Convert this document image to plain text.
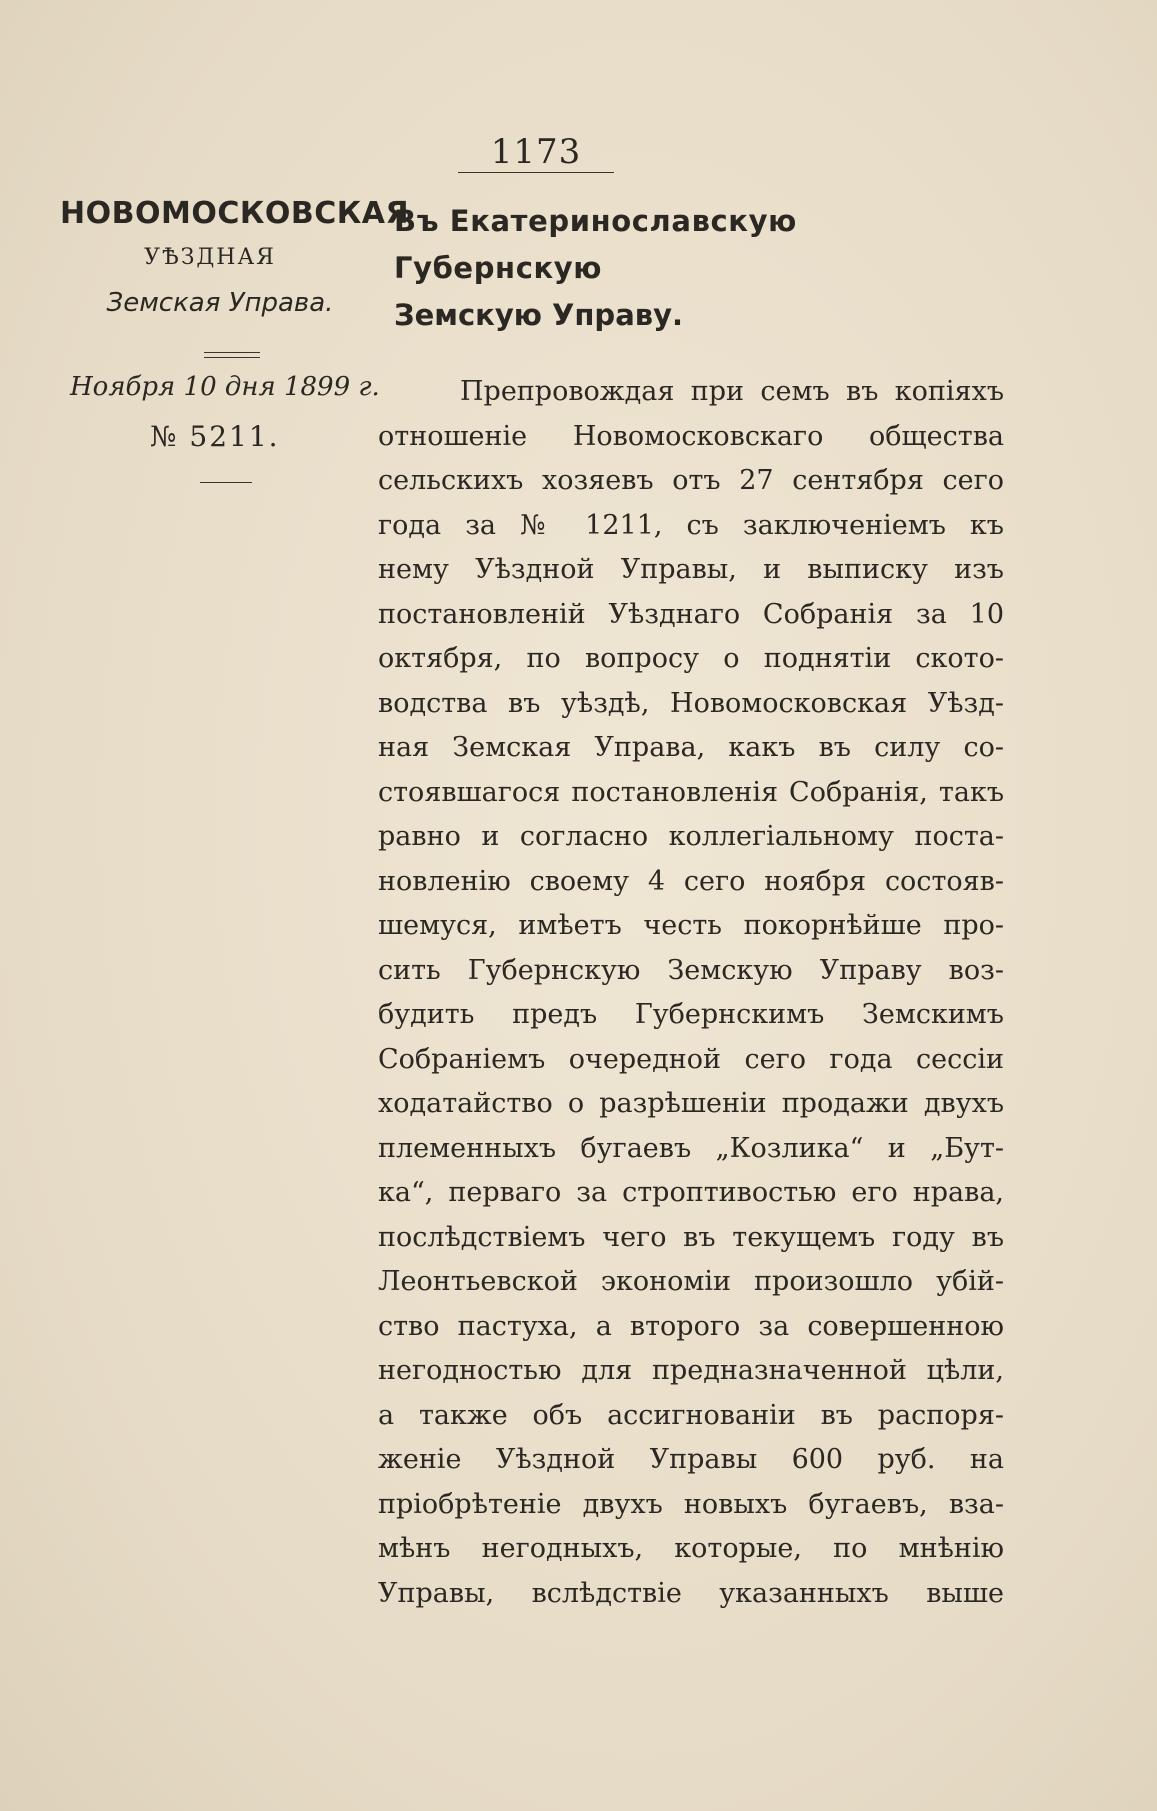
1173
НОВОМОСКОВСКАЯ
УѢЗДНАЯ
Земская Управа.
Въ Екатеринославскую Губернскую
Земскую Управу.
Ноября 10 дня 1899 г.
№ 5211.
Препровождая при семъ въ копіяхъ
отношеніе Новомосковскаго общества
сельскихъ хозяевъ отъ 27 сентября сего
года за № 1211, съ заключеніемъ къ
нему Уѣздной Управы, и выписку изъ
постановленій Уѣзднаго Собранія за 10
октября, по вопросу о поднятіи ското-
водства въ уѣздѣ, Новомосковская Уѣзд-
ная Земская Управа, какъ въ силу со-
стоявшагося постановленія Собранія, такъ
равно и согласно коллегіальному поста-
новленію своему 4 сего ноября состояв-
шемуся, имѣетъ честь покорнѣйше про-
сить Губернскую Земскую Управу воз-
будить предъ Губернскимъ Земскимъ
Собраніемъ очередной сего года сессіи
ходатайство о разрѣшеніи продажи двухъ
племенныхъ бугаевъ „Козлика“ и „Бут-
ка“, перваго за строптивостью его нрава,
послѣдствіемъ чего въ текущемъ году въ
Леонтьевской экономіи произошло убій-
ство пастуха, а второго за совершенною
негодностью для предназначенной цѣли,
а также объ ассигнованіи въ распоря-
женіе Уѣздной Управы 600 руб. на
пріобрѣтеніе двухъ новыхъ бугаевъ, вза-
мѣнъ негодныхъ, которые, по мнѣнію
Управы, вслѣдствіе указанныхъ выше
